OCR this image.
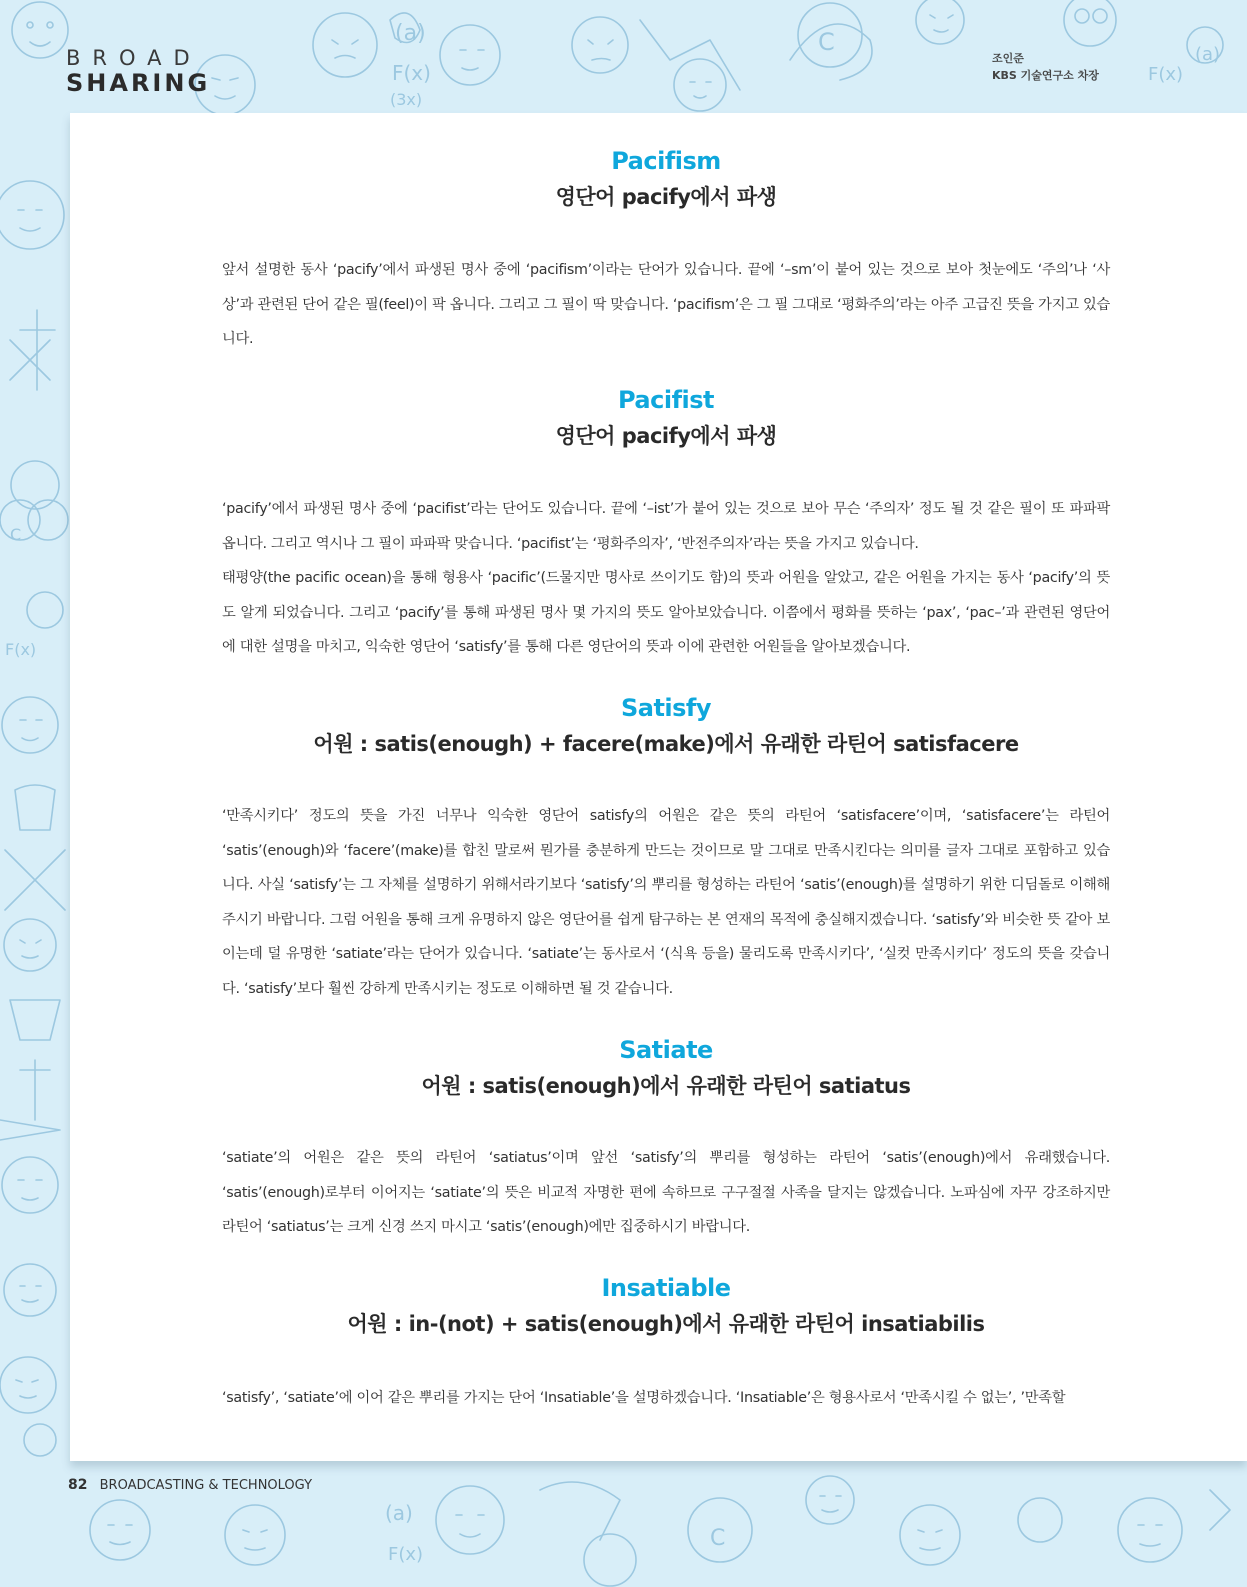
(a)
F(x)
(3x)
C
F(x)
(a)
C
F(x)
(a)
F(x)
C
BROAD
SHARING
조인준
KBS 기술연구소 차장
Pacifism
영단어 pacify에서 파생

앞서 설명한 동사 ‘pacify’에서 파생된 명사 중에 ‘pacifism’이라는 단어가 있습니다. 끝에 ‘–sm’이 붙어 있는 것으로 보아 첫눈에도 ‘주의’나 ‘사상’과 관련된 단어 같은 필(feel)이 팍 옵니다. 그리고 그 필이 딱 맞습니다. ‘pacifism’은 그 필 그대로 ‘평화주의’라는 아주 고급진 뜻을 가지고 있습니다.

Pacifist
영단어 pacify에서 파생

‘pacify’에서 파생된 명사 중에 ‘pacifist’라는 단어도 있습니다. 끝에 ‘–ist’가 붙어 있는 것으로 보아 무슨 ‘주의자’ 정도 될 것 같은 필이 또 파파팍 옵니다. 그리고 역시나 그 필이 파파팍 맞습니다. ‘pacifist’는 ‘평화주의자’, ‘반전주의자’라는 뜻을 가지고 있습니다.

태평양(the pacific ocean)을 통해 형용사 ‘pacific’(드물지만 명사로 쓰이기도 함)의 뜻과 어원을 알았고, 같은 어원을 가지는 동사 ‘pacify’의 뜻도 알게 되었습니다. 그리고 ‘pacify’를 통해 파생된 명사 몇 가지의 뜻도 알아보았습니다. 이쯤에서 평화를 뜻하는 ‘pax’, ‘pac–’과 관련된 영단어에 대한 설명을 마치고, 익숙한 영단어 ‘satisfy’를 통해 다른 영단어의 뜻과 이에 관련한 어원들을 알아보겠습니다.

Satisfy
어원 : satis(enough) + facere(make)에서 유래한 라틴어 satisfacere

‘만족시키다’ 정도의 뜻을 가진 너무나 익숙한 영단어 satisfy의 어원은 같은 뜻의 라틴어 ‘satisfacere’이며, ‘satisfacere’는 라틴어 ‘satis’(enough)와 ‘facere’(make)를 합친 말로써 뭔가를 충분하게 만드는 것이므로 말 그대로 만족시킨다는 의미를 글자 그대로 포함하고 있습니다. 사실 ‘satisfy’는 그 자체를 설명하기 위해서라기보다 ‘satisfy’의 뿌리를 형성하는 라틴어 ‘satis’(enough)를 설명하기 위한 디딤돌로 이해해주시기 바랍니다. 그럼 어원을 통해 크게 유명하지 않은 영단어를 쉽게 탐구하는 본 연재의 목적에 충실해지겠습니다. ‘satisfy’와 비슷한 뜻 같아 보이는데 덜 유명한 ‘satiate’라는 단어가 있습니다. ‘satiate’는 동사로서 ‘(식욕 등을) 물리도록 만족시키다’, ‘실컷 만족시키다’ 정도의 뜻을 갖습니다. ‘satisfy’보다 훨씬 강하게 만족시키는 정도로 이해하면 될 것 같습니다.

Satiate
어원 : satis(enough)에서 유래한 라틴어 satiatus

‘satiate’의 어원은 같은 뜻의 라틴어 ‘satiatus’이며 앞선 ‘satisfy’의 뿌리를 형성하는 라틴어 ‘satis’(enough)에서 유래했습니다. ‘satis’(enough)로부터 이어지는 ‘satiate’의 뜻은 비교적 자명한 편에 속하므로 구구절절 사족을 달지는 않겠습니다. 노파심에 자꾸 강조하지만 라틴어 ‘satiatus’는 크게 신경 쓰지 마시고 ‘satis’(enough)에만 집중하시기 바랍니다.

Insatiable
어원 : in-(not) + satis(enough)에서 유래한 라틴어 insatiabilis

‘satisfy’, ‘satiate’에 이어 같은 뿌리를 가지는 단어 ‘Insatiable’을 설명하겠습니다. ‘Insatiable’은 형용사로서 ‘만족시킬 수 없는’, ’만족할

82 BROADCASTING & TECHNOLOGY
